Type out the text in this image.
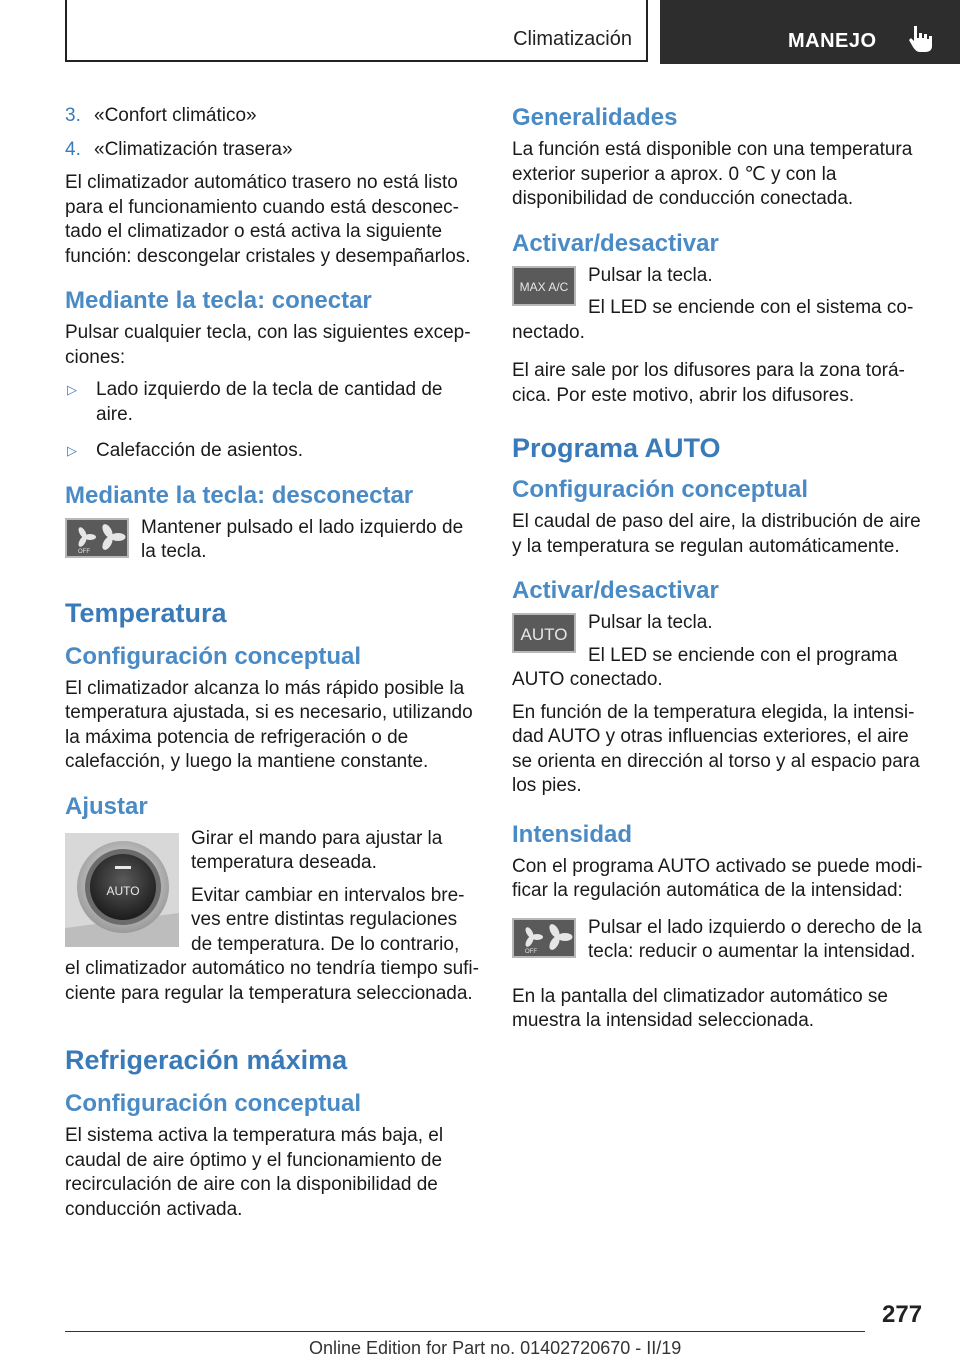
Climatización	MANEJO
3. «Confort climático»
4. «Climatización trasera»

El climatizador automático trasero no está listo para el funcionamiento cuando está desconectado el climatizador o está activa la siguiente función: descongelar cristales y desempañarlos.

Mediante la tecla: conectar

Pulsar cualquier tecla, con las siguientes excepciones:

▷	Lado izquierdo de la tecla de cantidad de aire.
▷	Calefacción de asientos.
Mediante la tecla: desconectar
OFF

Mantener pulsado el lado izquierdo de la tecla.

Temperatura
Configuración conceptual

El climatizador alcanza lo más rápido posible la temperatura ajustada, si es necesario, utilizando la máxima potencia de refrigeración o de calefacción, y luego la mantiene constante.

Ajustar
AUTO

Girar el mando para ajustar la temperatura deseada.

Evitar cambiar en intervalos breves entre distintas regulaciones de temperatura. De lo contrario, el climatizador automático no tendría tiempo suficiente para regular la temperatura seleccionada.

Refrigeración máxima
Configuración conceptual

El sistema activa la temperatura más baja, el caudal de aire óptimo y el funcionamiento de recirculación de aire con la disponibilidad de conducción activada.

Generalidades

La función está disponible con una temperatura exterior superior a aprox. 0 ℃ y con la disponibilidad de conducción conectada.

Activar/desactivar
MAX A/C

Pulsar la tecla.

El LED se enciende con el sistema conectado.

El aire sale por los difusores para la zona torácica. Por este motivo, abrir los difusores.

Programa AUTO
Configuración conceptual

El caudal de paso del aire, la distribución de aire y la temperatura se regulan automáticamente.

Activar/desactivar
AUTO

Pulsar la tecla.

El LED se enciende con el programa AUTO conectado.

En función de la temperatura elegida, la intensidad AUTO y otras influencias exteriores, el aire se orienta en dirección al torso y al espacio para los pies.

Intensidad

Con el programa AUTO activado se puede modificar la regulación automática de la intensidad:

OFF

Pulsar el lado izquierdo o derecho de la tecla: reducir o aumentar la intensidad.

En la pantalla del climatizador automático se muestra la intensidad seleccionada.

277
Online Edition for Part no. 01402720670 - II/19
